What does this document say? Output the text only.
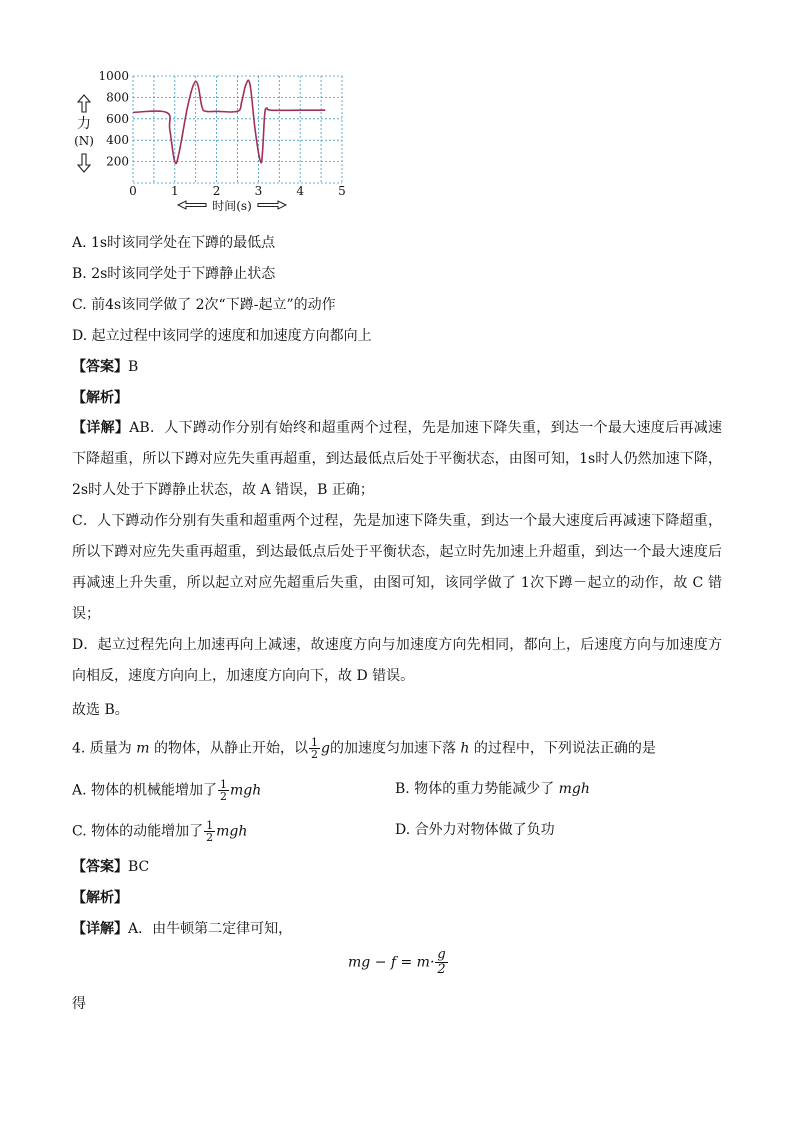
200
400
600
800
1000
0	1	2	3	4	5
力
(N)
时间(s)
A. 1s时该同学处在下蹲的最低点
B. 2s时该同学处于下蹲静止状态
C. 前4s该同学做了 2次“下蹲-起立”的动作
D. 起立过程中该同学的速度和加速度方向都向上
【答案】B
【解析】
【详解】AB．人下蹲动作分别有始终和超重两个过程，先是加速下降失重，到达一个最大速度后再减速下降超重，所以下蹲对应先失重再超重，到达最低点后处于平衡状态，由图可知，1s时人仍然加速下降，2s时人处于下蹲静止状态，故 A 错误，B 正确；
C．人下蹲动作分别有失重和超重两个过程，先是加速下降失重，到达一个最大速度后再减速下降超重，所以下蹲对应先失重再超重，到达最低点后处于平衡状态，起立时先加速上升超重，到达一个最大速度后再减速上升失重，所以起立对应先超重后失重，由图可知，该同学做了 1次下蹲－起立的动作，故 C 错误；
D．起立过程先向上加速再向上减速，故速度方向与加速度方向先相同，都向上，后速度方向与加速度方向相反，速度方向向上，加速度方向向下，故 D 错误。
故选 B。
4. 质量为 m 的物体，从静止开始，以 $\frac{1}{2}$ g的加速度匀加速下落 h 的过程中，下列说法正确的是
A. 物体的机械能增加了 $\frac{1}{2}$ mgh	B. 物体的重力势能减少了 mgh
C. 物体的动能增加了 $\frac{1}{2}$ mgh	D. 合外力对物体做了负功
【答案】BC
【解析】
【详解】A．由牛顿第二定律可知，
mg − $f = m\cdot \frac{g}{2}$
得
